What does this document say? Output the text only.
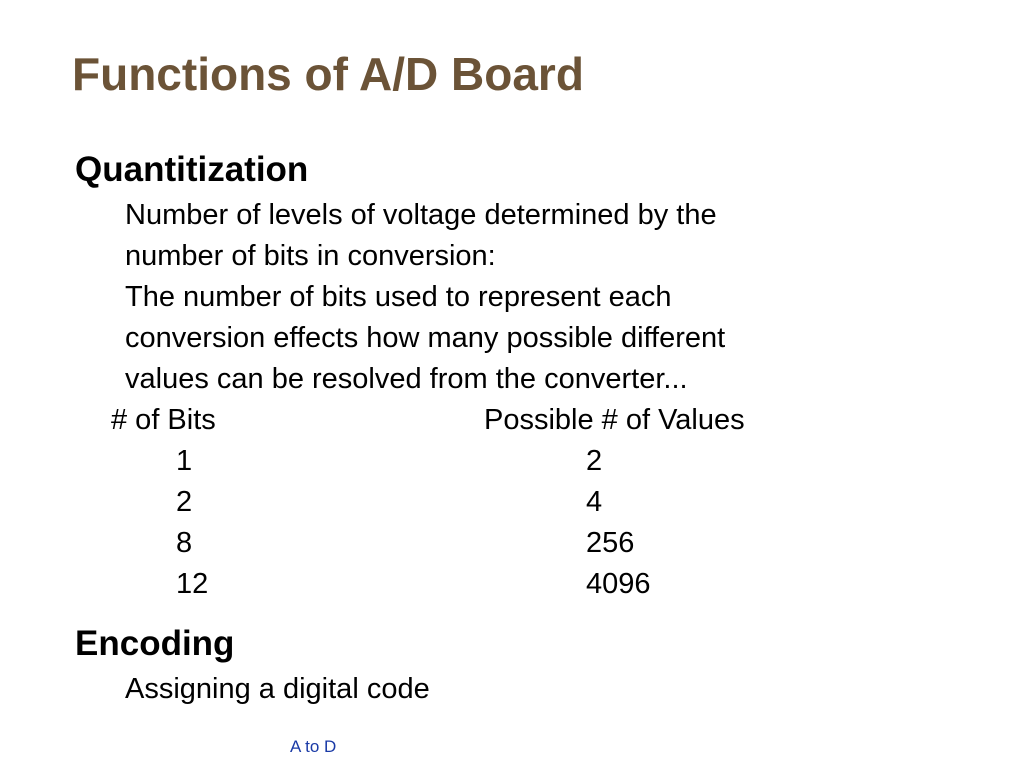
Functions of A/D Board
Quantitization
Number of levels of voltage determined by the
number of bits in conversion:
The number of bits used to represent each
conversion effects how many possible different
values can be resolved from the converter...
# of Bits	Possible # of Values
1	2
2	4
8	256
12	4096
Encoding
Assigning a digital code
A to D
